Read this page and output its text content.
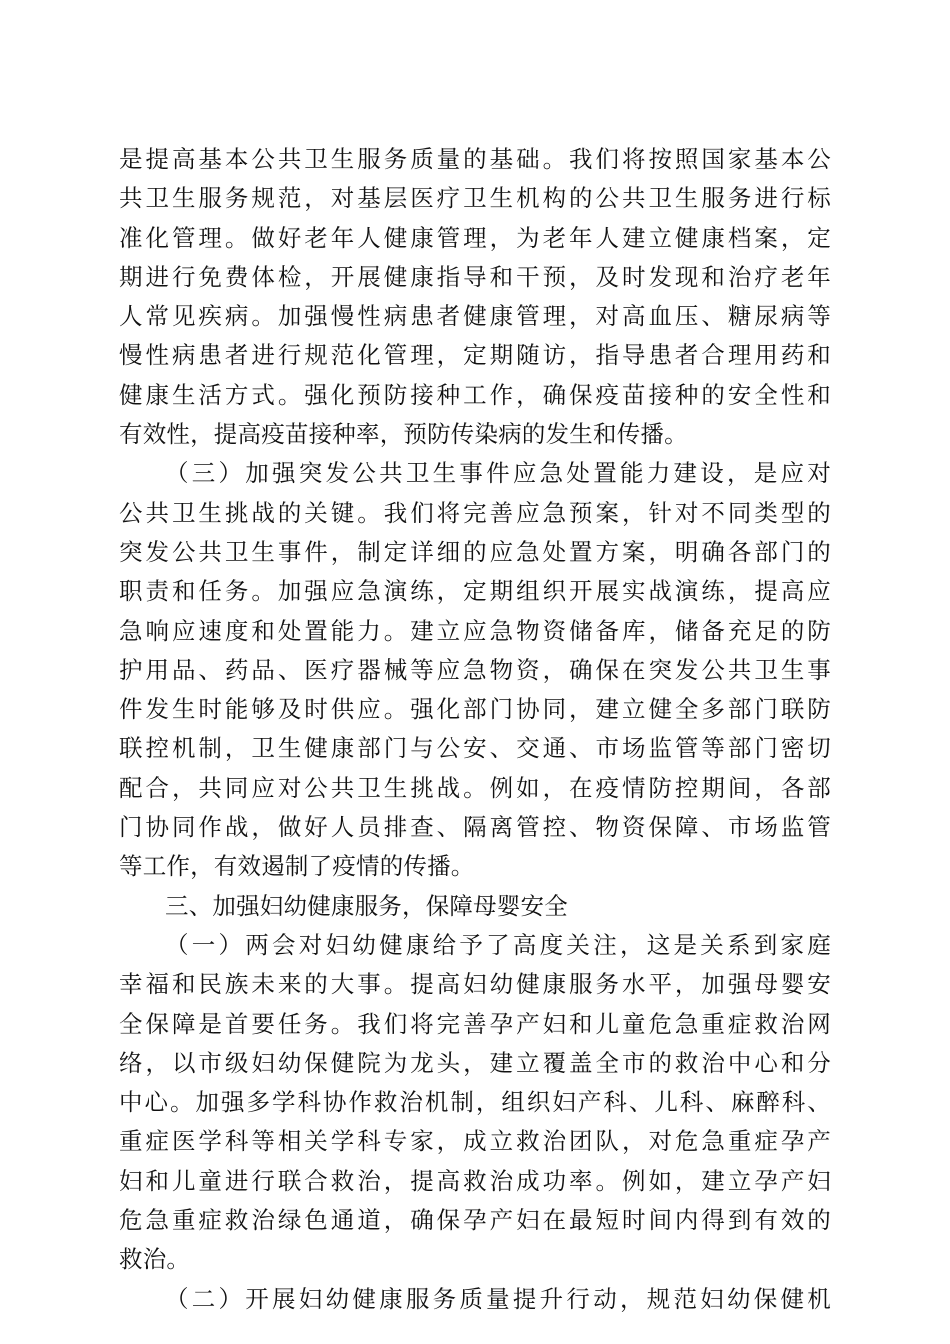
是提高基本公共卫生服务质量的基础。我们将按照国家基本公
共卫生服务规范，对基层医疗卫生机构的公共卫生服务进行标
准化管理。做好老年人健康管理，为老年人建立健康档案，定
期进行免费体检，开展健康指导和干预，及时发现和治疗老年
人常见疾病。加强慢性病患者健康管理，对高血压、糖尿病等
慢性病患者进行规范化管理，定期随访，指导患者合理用药和
健康生活方式。强化预防接种工作，确保疫苗接种的安全性和
有效性，提高疫苗接种率，预防传染病的发生和传播。
（三）加强突发公共卫生事件应急处置能力建设，是应对
公共卫生挑战的关键。我们将完善应急预案，针对不同类型的
突发公共卫生事件，制定详细的应急处置方案，明确各部门的
职责和任务。加强应急演练，定期组织开展实战演练，提高应
急响应速度和处置能力。建立应急物资储备库，储备充足的防
护用品、药品、医疗器械等应急物资，确保在突发公共卫生事
件发生时能够及时供应。强化部门协同，建立健全多部门联防
联控机制，卫生健康部门与公安、交通、市场监管等部门密切
配合，共同应对公共卫生挑战。例如，在疫情防控期间，各部
门协同作战，做好人员排查、隔离管控、物资保障、市场监管
等工作，有效遏制了疫情的传播。
三、加强妇幼健康服务，保障母婴安全
（一）两会对妇幼健康给予了高度关注，这是关系到家庭
幸福和民族未来的大事。提高妇幼健康服务水平，加强母婴安
全保障是首要任务。我们将完善孕产妇和儿童危急重症救治网
络，以市级妇幼保健院为龙头，建立覆盖全市的救治中心和分
中心。加强多学科协作救治机制，组织妇产科、儿科、麻醉科、
重症医学科等相关学科专家，成立救治团队，对危急重症孕产
妇和儿童进行联合救治，提高救治成功率。例如，建立孕产妇
危急重症救治绿色通道，确保孕产妇在最短时间内得到有效的
救治。
（二）开展妇幼健康服务质量提升行动，规范妇幼保健机
